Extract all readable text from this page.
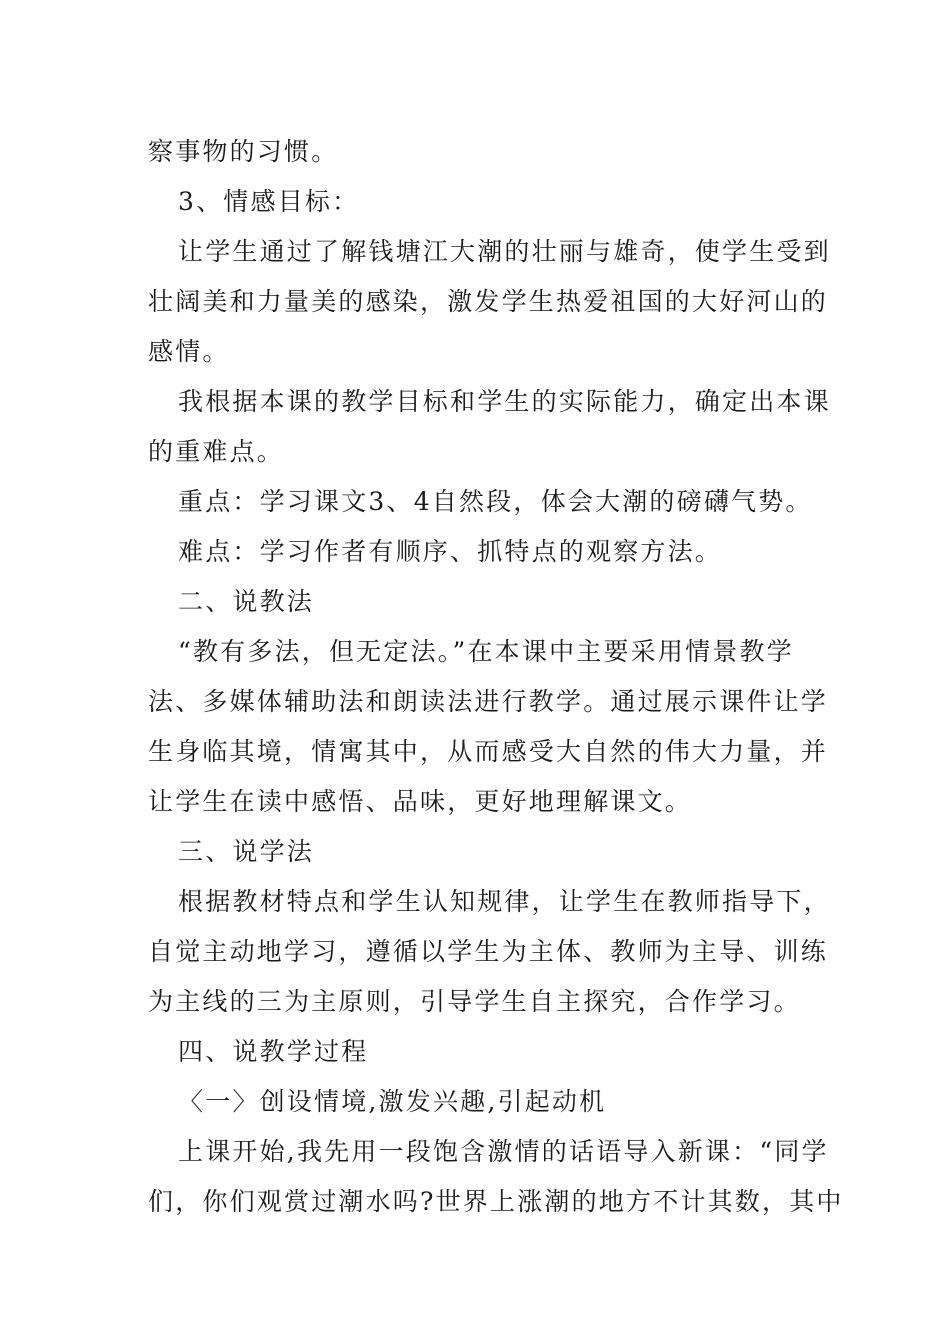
察事物的习惯。
3、情感目标：
让学生通过了解钱塘江大潮的壮丽与雄奇，使学生受到
壮阔美和力量美的感染，激发学生热爱祖国的大好河山的
感情。
我根据本课的教学目标和学生的实际能力，确定出本课
的重难点。
重点：学习课文3、4自然段，体会大潮的磅礴气势。
难点：学习作者有顺序、抓特点的观察方法。
二、说教法
“教有多法，但无定法。”在本课中主要采用情景教学
法、多媒体辅助法和朗读法进行教学。通过展示课件让学
生身临其境，情寓其中，从而感受大自然的伟大力量，并
让学生在读中感悟、品味，更好地理解课文。
三、说学法
根据教材特点和学生认知规律，让学生在教师指导下，
自觉主动地学习，遵循以学生为主体、教师为主导、训练
为主线的三为主原则，引导学生自主探究，合作学习。
四、说教学过程
〈一〉创设情境,激发兴趣,引起动机
上课开始,我先用一段饱含激情的话语导入新课：“同学
们，你们观赏过潮水吗?世界上涨潮的地方不计其数，其中
